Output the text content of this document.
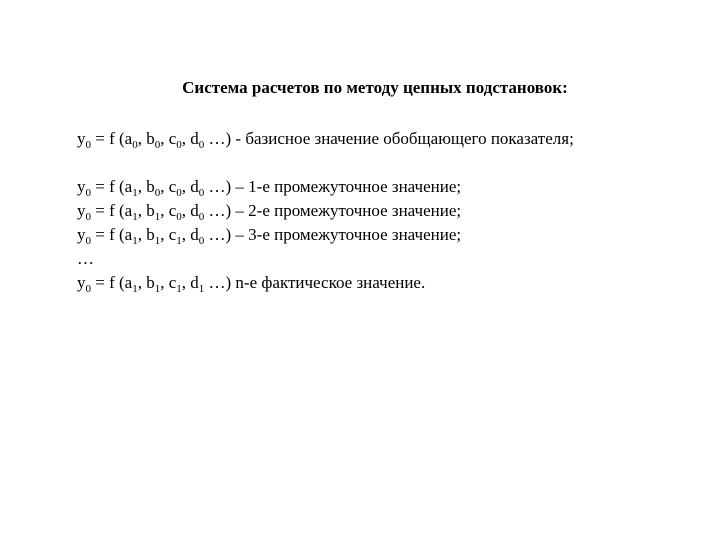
Система расчетов по методу цепных подстановок:
$y_0 = f$ ($a_0$, $b_0$, $c_0$, $d_0$ …) - базисное значение обобщающего показателя;
$y_0 = f$ ($a_1$, $b_0$, $c_0$, $d_0$ …) – 1-е промежуточное значение;
$y_0 = f$ ($a_1$, $b_1$, $c_0$, $d_0$ …) – 2-е промежуточное значение;
$y_0 = f$ ($a_1$, $b_1$, $c_1$, $d_0$ …) – 3-е промежуточное значение;
…
$y_0 = f$ ($a_1$, $b_1$, $c_1$, $d_1$ …) n-е фактическое значение.
